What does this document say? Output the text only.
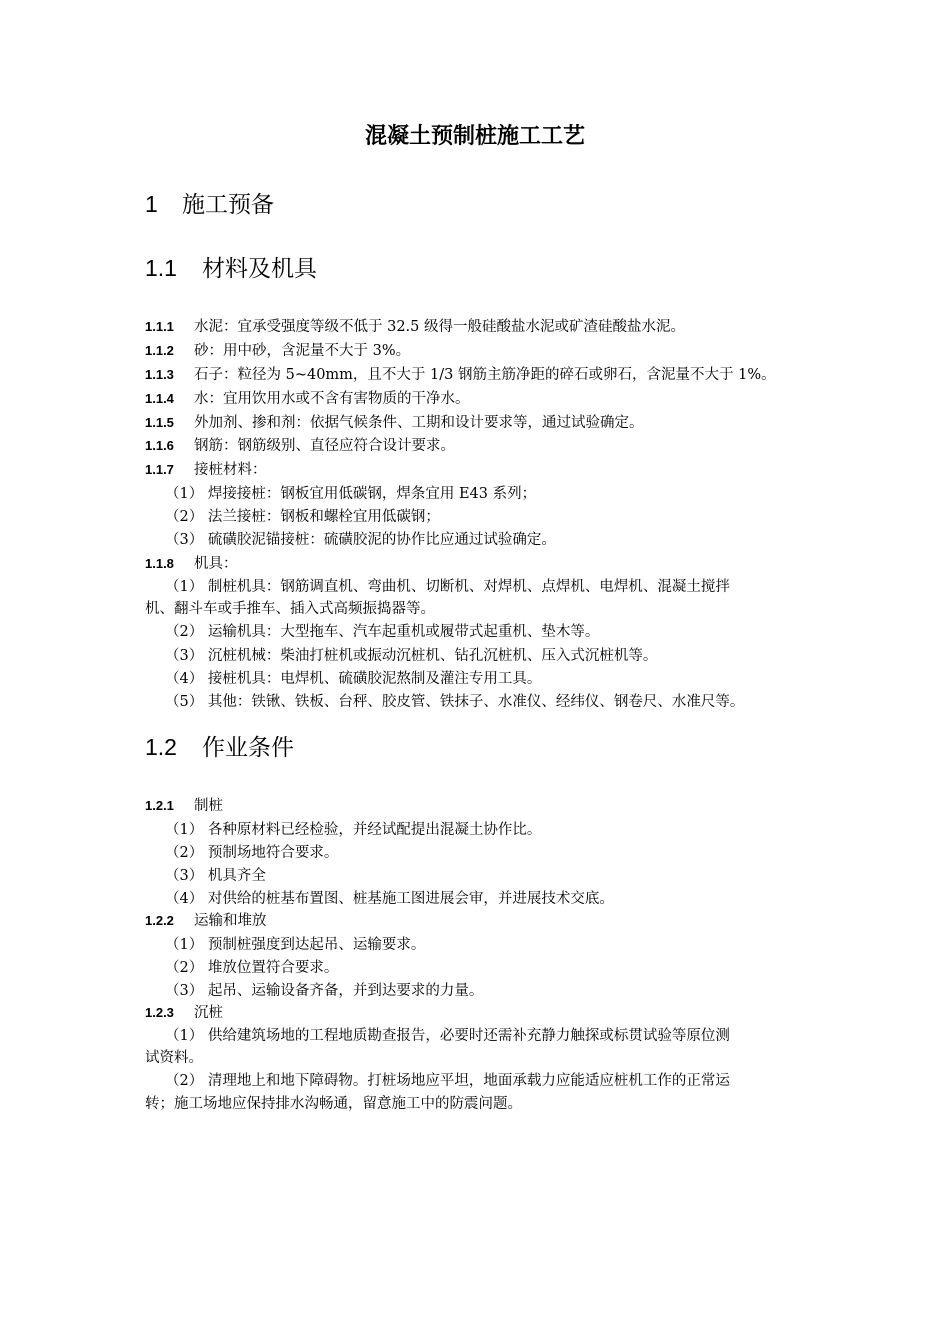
混凝土预制桩施工工艺
1 施工预备
1.1 材料及机具
1.1.1 水泥：宜承受强度等级不低于 32.5 级得一般硅酸盐水泥或矿渣硅酸盐水泥。
1.1.2 砂：用中砂，含泥量不大于 3%。
1.1.3 石子：粒径为 5~40mm，且不大于 1/3 钢筋主筋净距的碎石或卵石，含泥量不大于 1%。
1.1.4 水：宜用饮用水或不含有害物质的干净水。
1.1.5 外加剂、掺和剂：依据气候条件、工期和设计要求等，通过试验确定。
1.1.6 钢筋：钢筋级别、直径应符合设计要求。
1.1.7 接桩材料：
（1） 焊接接桩：钢板宜用低碳钢，焊条宜用 E43 系列；
（2） 法兰接桩：钢板和螺栓宜用低碳钢；
（3） 硫磺胶泥锚接桩：硫磺胶泥的协作比应通过试验确定。
1.1.8 机具：
（1） 制桩机具：钢筋调直机、弯曲机、切断机、对焊机、点焊机、电焊机、混凝土搅拌
机、翻斗车或手推车、插入式高频振捣器等。
（2） 运输机具：大型拖车、汽车起重机或履带式起重机、垫木等。
（3） 沉桩机械：柴油打桩机或振动沉桩机、钻孔沉桩机、压入式沉桩机等。
（4） 接桩机具：电焊机、硫磺胶泥熬制及灌注专用工具。
（5） 其他：铁锹、铁板、台秤、胶皮管、铁抹子、水准仪、经纬仪、钢卷尺、水准尺等。
1.2 作业条件
1.2.1 制桩
（1） 各种原材料已经检验，并经试配提出混凝土协作比。
（2） 预制场地符合要求。
（3） 机具齐全
（4） 对供给的桩基布置图、桩基施工图进展会审，并进展技术交底。
1.2.2 运输和堆放
（1） 预制桩强度到达起吊、运输要求。
（2） 堆放位置符合要求。
（3） 起吊、运输设备齐备，并到达要求的力量。
1.2.3 沉桩
（1） 供给建筑场地的工程地质勘查报告，必要时还需补充静力触探或标贯试验等原位测
试资料。
（2） 清理地上和地下障碍物。打桩场地应平坦，地面承载力应能适应桩机工作的正常运
转；施工场地应保持排水沟畅通，留意施工中的防震问题。
